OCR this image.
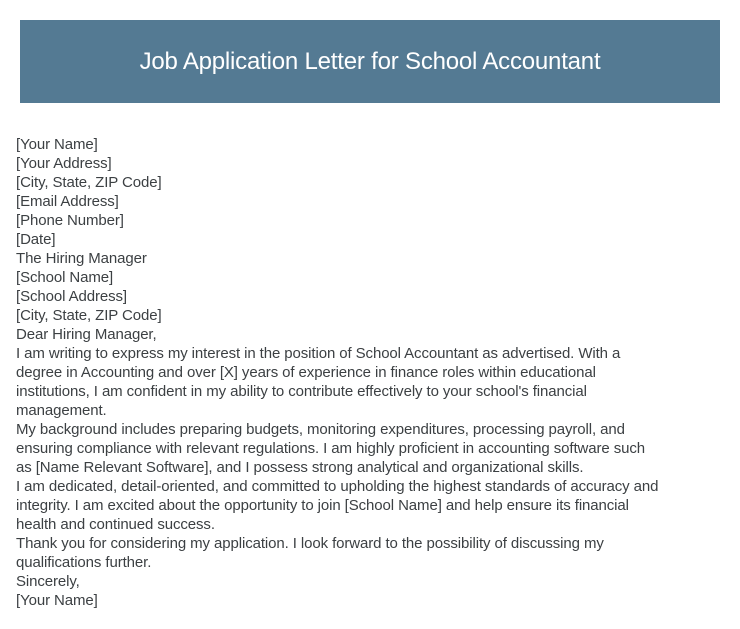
Job Application Letter for School Accountant
[Your Name]
[Your Address]
[City, State, ZIP Code]
[Email Address]
[Phone Number]
[Date]
The Hiring Manager
[School Name]
[School Address]
[City, State, ZIP Code]
Dear Hiring Manager,
I am writing to express my interest in the position of School Accountant as advertised. With a
degree in Accounting and over [X] years of experience in finance roles within educational
institutions, I am confident in my ability to contribute effectively to your school's financial
management.
My background includes preparing budgets, monitoring expenditures, processing payroll, and
ensuring compliance with relevant regulations. I am highly proficient in accounting software such
as [Name Relevant Software], and I possess strong analytical and organizational skills.
I am dedicated, detail-oriented, and committed to upholding the highest standards of accuracy and
integrity. I am excited about the opportunity to join [School Name] and help ensure its financial
health and continued success.
Thank you for considering my application. I look forward to the possibility of discussing my
qualifications further.
Sincerely,
[Your Name]
